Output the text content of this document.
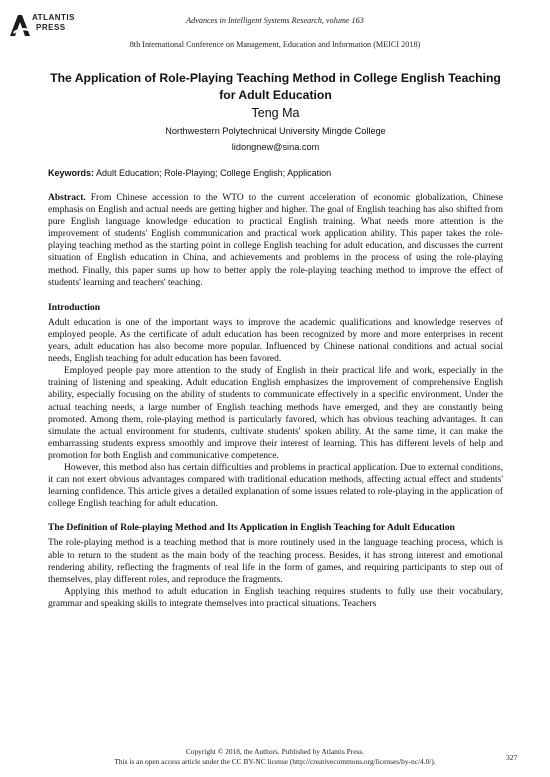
ATLANTIS
PRESS
Advances in Intelligent Systems Research, volume 163
8th International Conference on Management, Education and Information (MEICI 2018)
The Application of Role-Playing Teaching Method in College English Teaching for Adult Education
Teng Ma
Northwestern Polytechnical University Mingde College
lidongnew@sina.com
Keywords: Adult Education; Role-Playing; College English; Application

Abstract. From Chinese accession to the WTO to the current acceleration of economic globalization, Chinese emphasis on English and actual needs are getting higher and higher. The goal of English teaching has also shifted from pure English language knowledge education to practical English training. What needs more attention is the improvement of students' English communication and practical work application ability. This paper takes the role-playing teaching method as the starting point in college English teaching for adult education, and discusses the current situation of English education in China, and achievements and problems in the process of using the role-playing method. Finally, this paper sums up how to better apply the role-playing teaching method to improve the effect of students' learning and teachers' teaching.

Introduction

Adult education is one of the important ways to improve the academic qualifications and knowledge reserves of employed people. As the certificate of adult education has been recognized by more and more enterprises in recent years, adult education has also become more popular. Influenced by Chinese national conditions and actual social needs, English teaching for adult education has been favored.

Employed people pay more attention to the study of English in their practical life and work, especially in the training of listening and speaking. Adult education English emphasizes the improvement of comprehensive English ability, especially focusing on the ability of students to communicate effectively in a specific environment. Under the actual teaching needs, a large number of English teaching methods have emerged, and they are constantly being promoted. Among them, role-playing method is particularly favored, which has obvious teaching advantages. It can simulate the actual environment for students, cultivate students' spoken ability. At the same time, it can make the embarrassing students express smoothly and improve their interest of learning. This has different levels of help and promotion for both English and communicative competence.

However, this method also has certain difficulties and problems in practical application. Due to external conditions, it can not exert obvious advantages compared with traditional education methods, affecting actual effect and students' learning confidence. This article gives a detailed explanation of some issues related to role-playing in the application of college English teaching for adult education.

The Definition of Role-playing Method and Its Application in English Teaching for Adult Education

The role-playing method is a teaching method that is more routinely used in the language teaching process, which is able to return to the student as the main body of the teaching process. Besides, it has strong interest and emotional rendering ability, reflecting the fragments of real life in the form of games, and requiring participants to step out of themselves, play different roles, and reproduce the fragments.

Applying this method to adult education in English teaching requires students to fully use their vocabulary, grammar and speaking skills to integrate themselves into practical situations. Teachers

Copyright © 2018, the Authors. Published by Atlantis Press.
This is an open access article under the CC BY-NC license (http://creativecommons.org/licenses/by-nc/4.0/).	327
